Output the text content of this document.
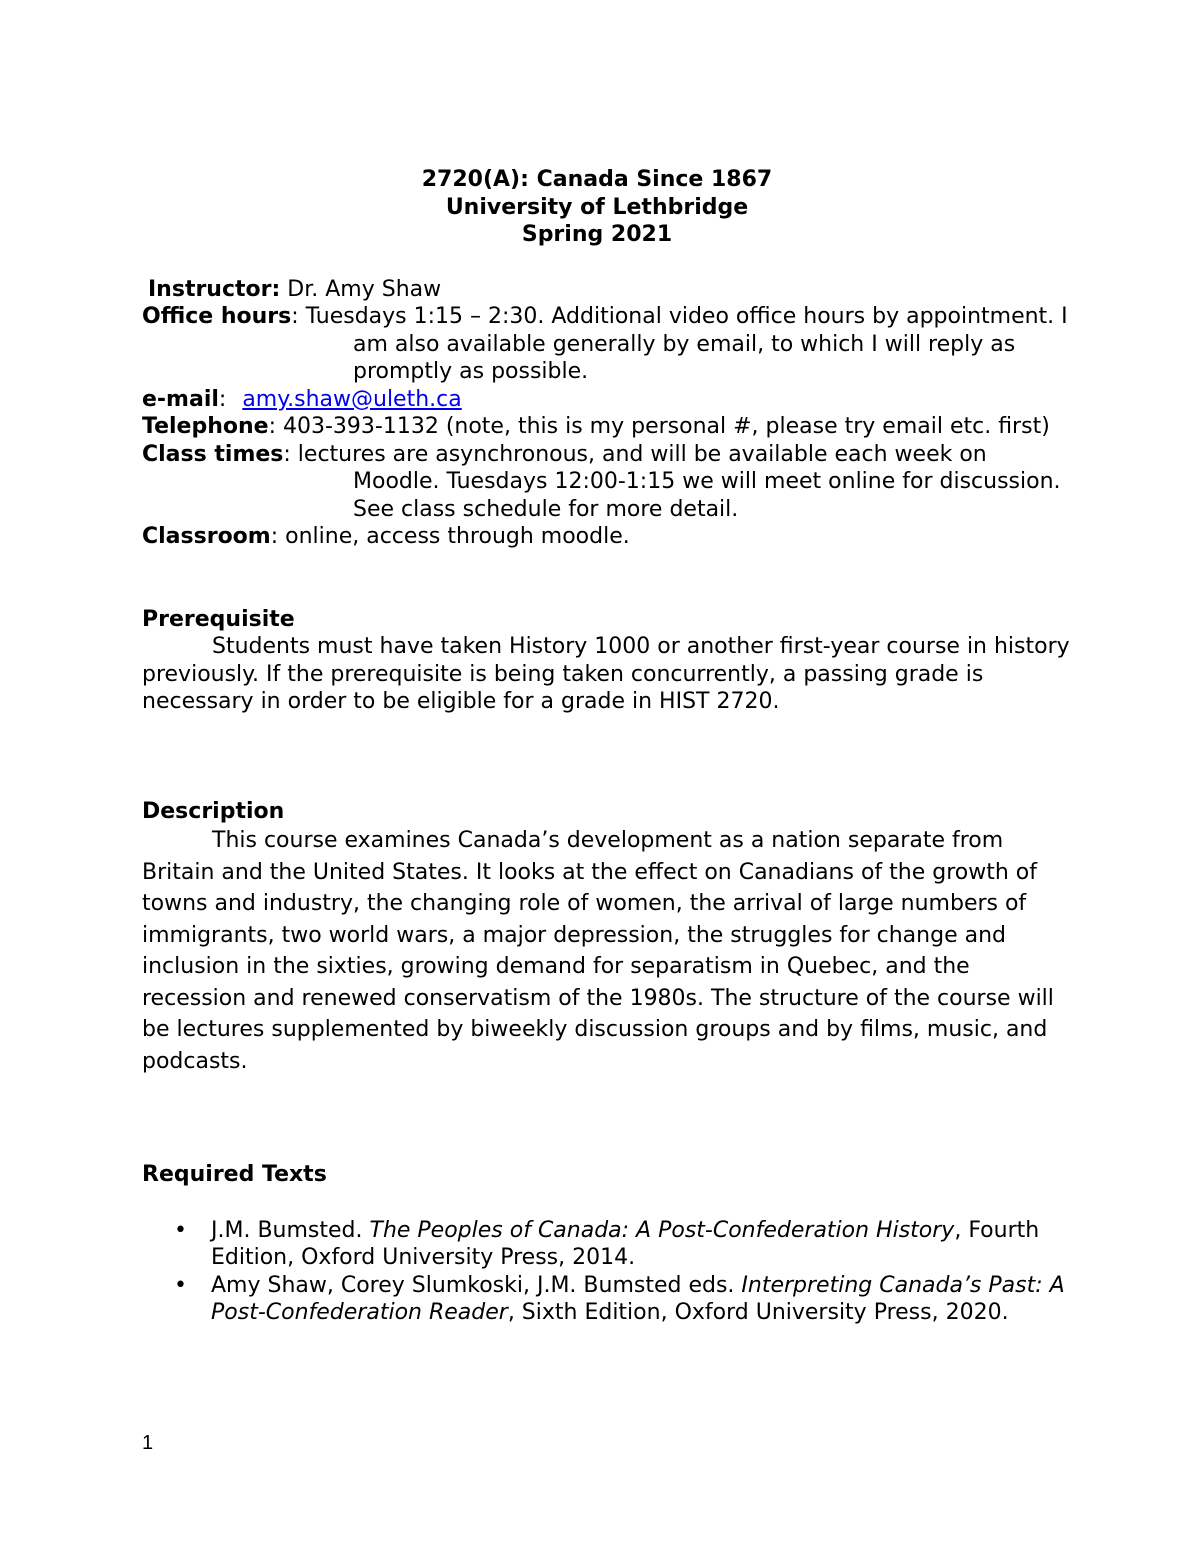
2720(A): Canada Since 1867
University of Lethbridge
Spring 2021

Instructor: Dr. Amy Shaw

Office hours: Tuesdays 1:15 – 2:30. Additional video office hours by appointment. I am also available generally by email, to which I will reply as promptly as possible.

e-mail: amy.shaw@uleth.ca

Telephone: 403-393-1132 (note, this is my personal #, please try email etc. first)

Class times: lectures are asynchronous, and will be available each week on Moodle. Tuesdays 12:00-1:15 we will meet online for discussion. See class schedule for more detail.

Classroom: online, access through moodle.

Prerequisite

Students must have taken History 1000 or another first-year course in history previously. If the prerequisite is being taken concurrently, a passing grade is necessary in order to be eligible for a grade in HIST 2720.

Description

This course examines Canada’s development as a nation separate from Britain and the United States. It looks at the effect on Canadians of the growth of towns and industry, the changing role of women, the arrival of large numbers of immigrants, two world wars, a major depression, the struggles for change and inclusion in the sixties, growing demand for separatism in Quebec, and the recession and renewed conservatism of the 1980s. The structure of the course will be lectures supplemented by biweekly discussion groups and by films, music, and podcasts.

Required Texts
• J.M. Bumsted. The Peoples of Canada: A Post-Confederation History, Fourth Edition, Oxford University Press, 2014.
• Amy Shaw, Corey Slumkoski, J.M. Bumsted eds. Interpreting Canada’s Past: A Post-Confederation Reader, Sixth Edition, Oxford University Press, 2020.
1
